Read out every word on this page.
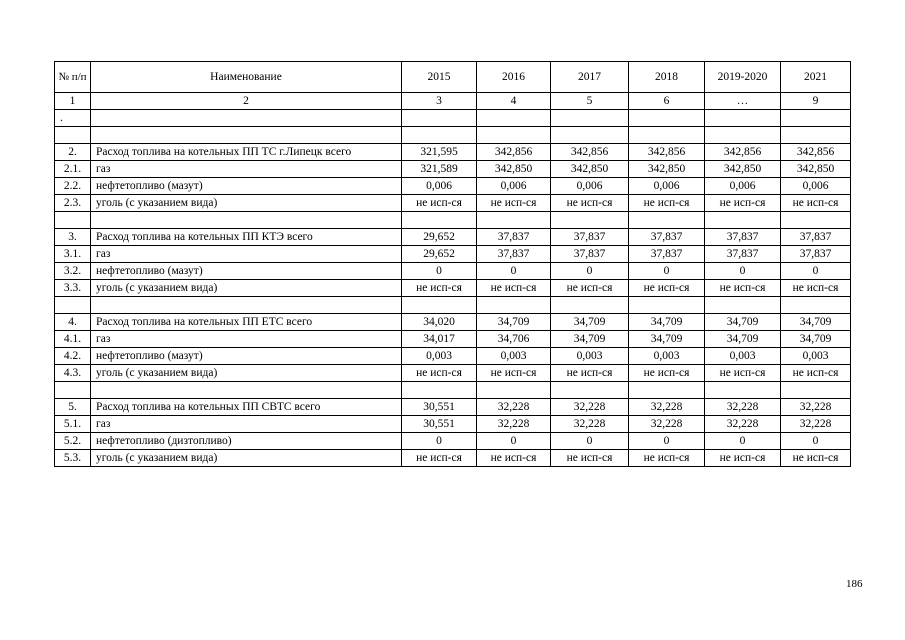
№ п/п	Наименование	2015	2016	2017	2018	2019-2020	2021
1	2	3	4	5	6	…	9
.							

2.	Расход топлива на котельных ПП ТС г.Липецк всего	321,595	342,856	342,856	342,856	342,856	342,856
2.1.	газ	321,589	342,850	342,850	342,850	342,850	342,850
2.2.	нефтетопливо (мазут)	0,006	0,006	0,006	0,006	0,006	0,006
2.3.	уголь (с указанием вида)	не исп-ся	не исп-ся	не исп-ся	не исп-ся	не исп-ся	не исп-ся

3.	Расход топлива на котельных ПП КТЭ всего	29,652	37,837	37,837	37,837	37,837	37,837
3.1.	газ	29,652	37,837	37,837	37,837	37,837	37,837
3.2.	нефтетопливо (мазут)	0	0	0	0	0	0
3.3.	уголь (с указанием вида)	не исп-ся	не исп-ся	не исп-ся	не исп-ся	не исп-ся	не исп-ся

4.	Расход топлива на котельных ПП ЕТС всего	34,020	34,709	34,709	34,709	34,709	34,709
4.1.	газ	34,017	34,706	34,709	34,709	34,709	34,709
4.2.	нефтетопливо (мазут)	0,003	0,003	0,003	0,003	0,003	0,003
4.3.	уголь (с указанием вида)	не исп-ся	не исп-ся	не исп-ся	не исп-ся	не исп-ся	не исп-ся

5.	Расход топлива на котельных ПП СВТС всего	30,551	32,228	32,228	32,228	32,228	32,228
5.1.	газ	30,551	32,228	32,228	32,228	32,228	32,228
5.2.	нефтетопливо (дизтопливо)	0	0	0	0	0	0
5.3.	уголь (с указанием вида)	не исп-ся	не исп-ся	не исп-ся	не исп-ся	не исп-ся	не исп-ся
186
